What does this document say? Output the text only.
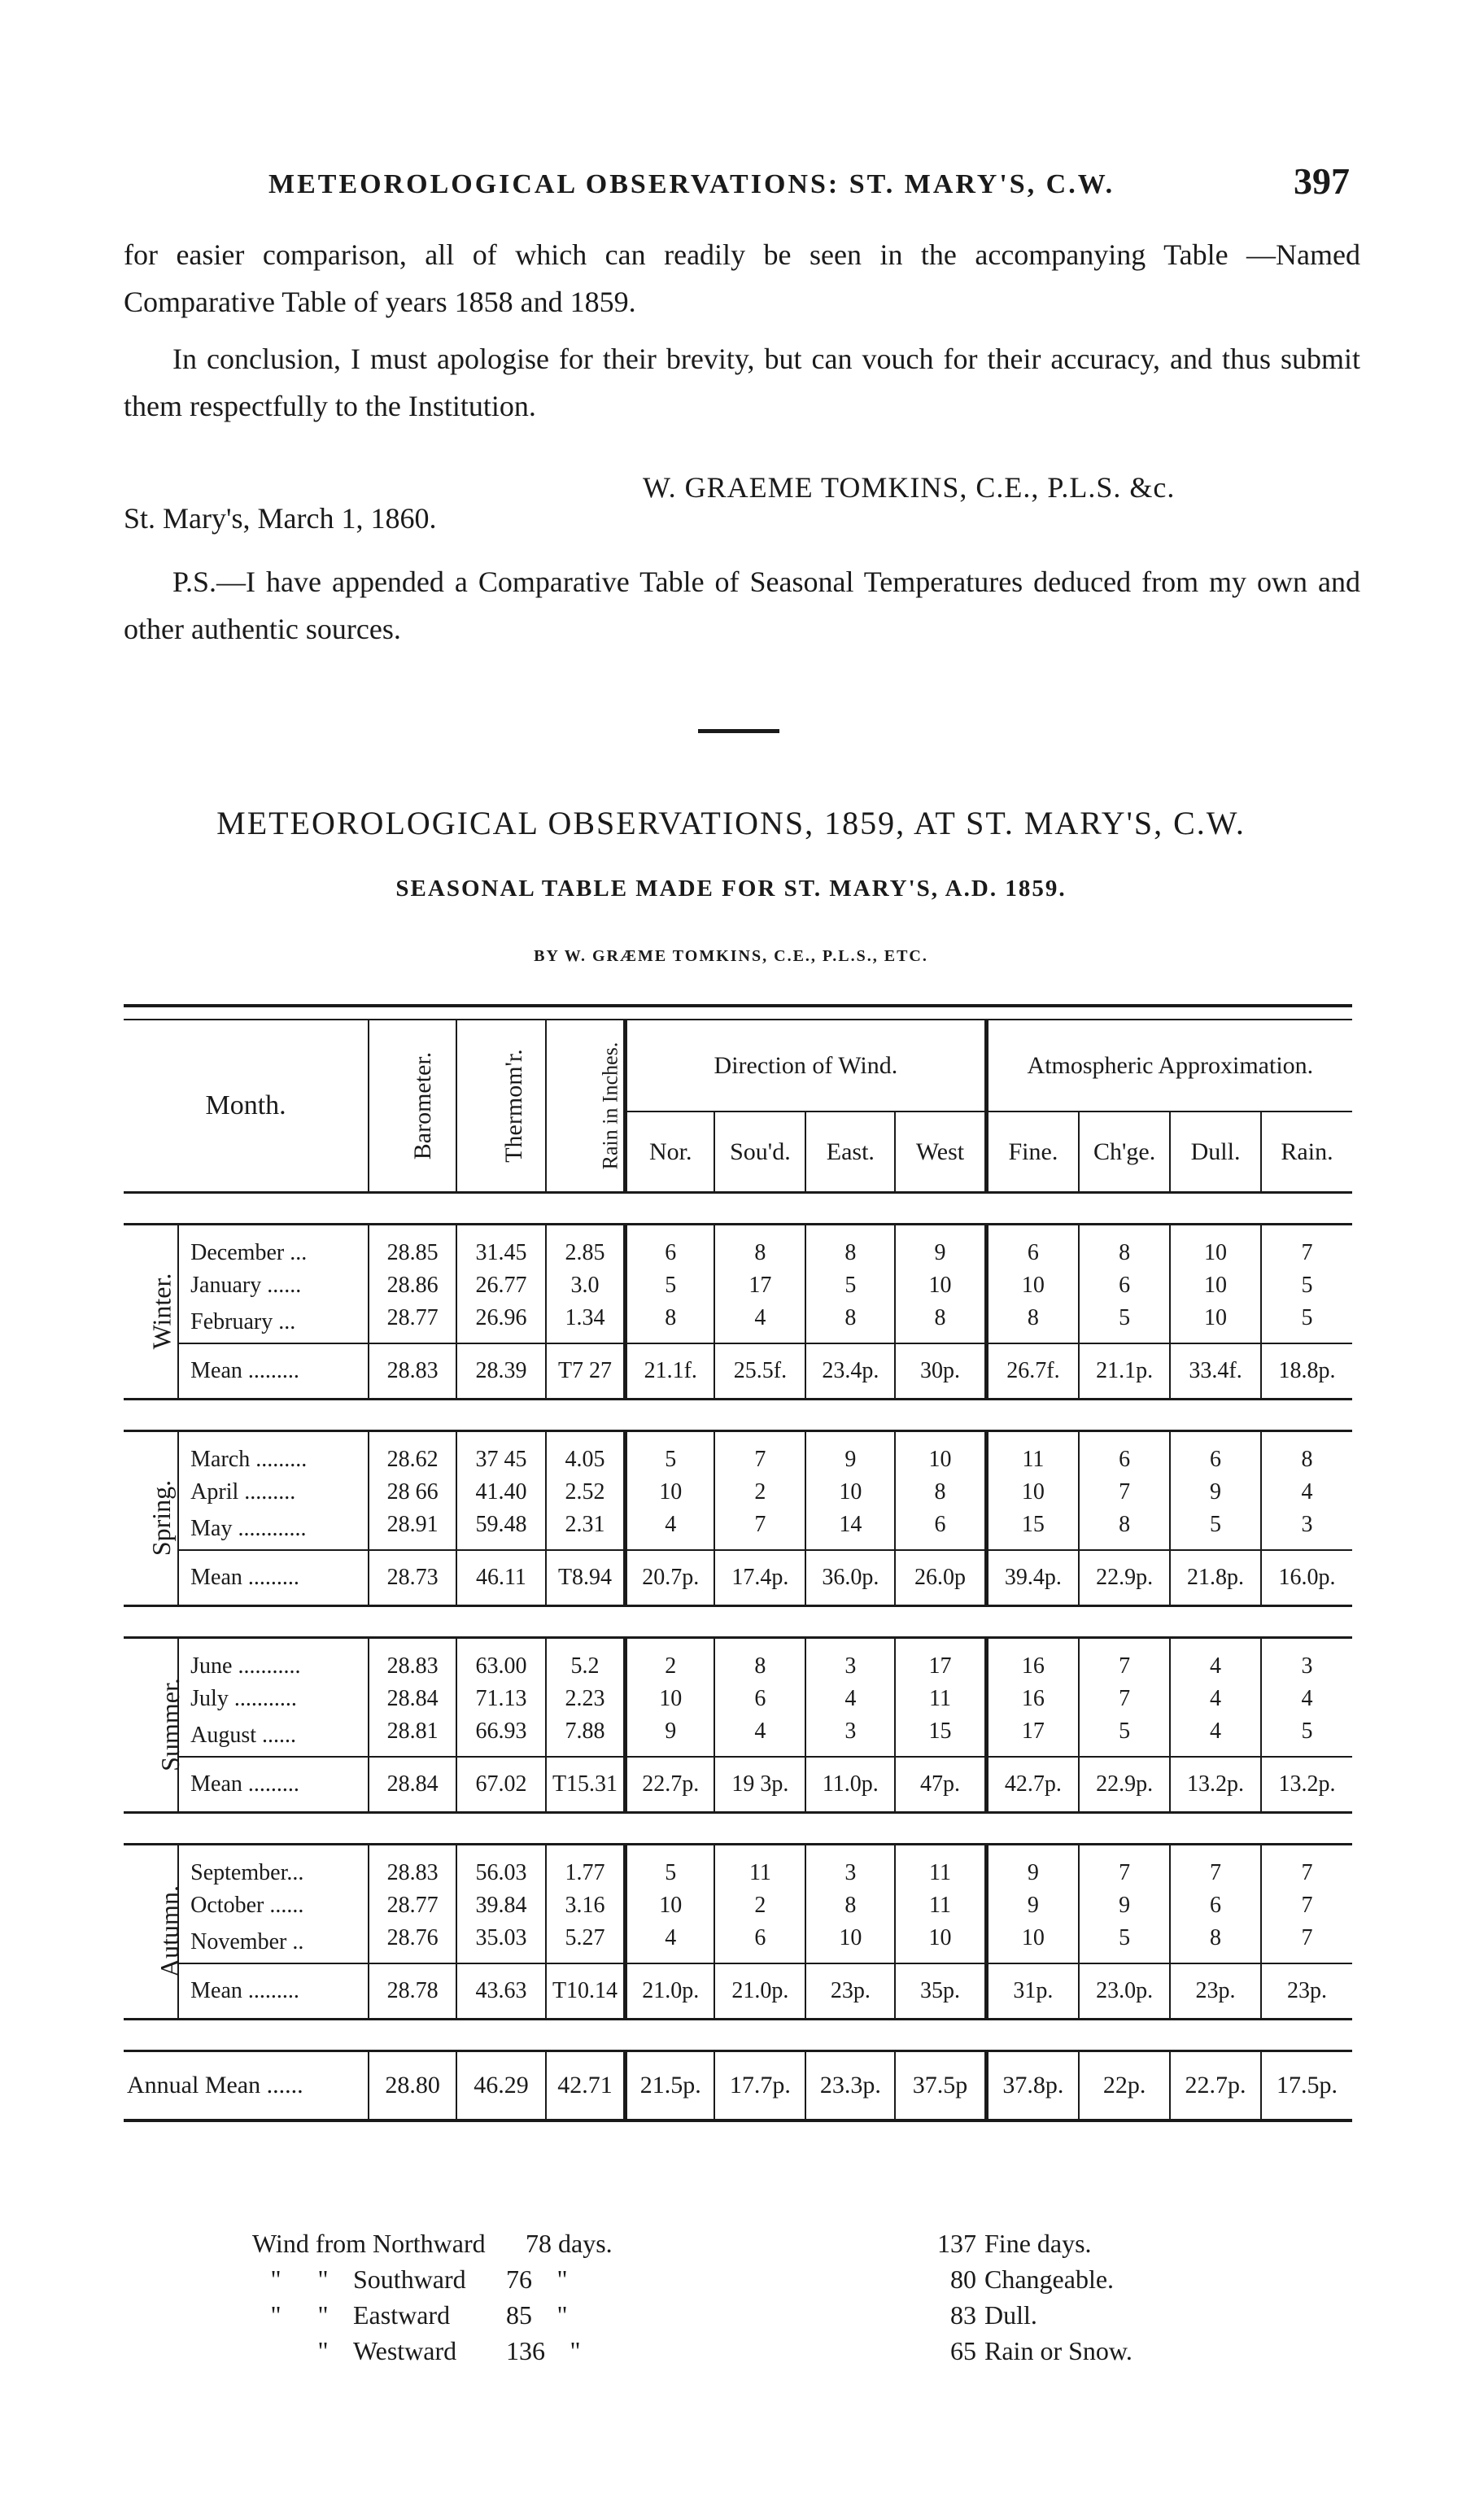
METEOROLOGICAL OBSERVATIONS: ST. MARY'S, C.W.	397
for easier comparison, all of which can readily be seen in the accompanying Table —Named Comparative Table of years 1858 and 1859.
In conclusion, I must apologise for their brevity, but can vouch for their accuracy, and thus submit them respectfully to the Institution.
W. GRAEME TOMKINS, C.E., P.L.S. &c.
St. Mary's, March 1, 1860.
P.S.—I have appended a Comparative Table of Seasonal Temperatures deduced from my own and other authentic sources.
METEOROLOGICAL OBSERVATIONS, 1859, AT ST. MARY'S, C.W.
SEASONAL TABLE MADE FOR ST. MARY'S, A.D. 1859.
BY W. GRÆME TOMKINS, C.E., P.L.S., ETC.

Month.		Barometer.	Thermom'r.	Rain in Inches.	Direction of Wind.				Atmospheric Approximation.			
					Nor.	Sou'd.	East.	West	Fine.	Ch'ge.	Dull.	Rain.

Winter.	December ...	28.85	31.45	2.85	6	8	8	9	6	8	10	7
	January ......	28.86	26.77	3.0	5	17	5	10	10	6	10	5
	February ...	28.77	26.96	1.34	8	4	8	8	8	5	10	5
	Mean .........	28.83	28.39	T7 27	21.1f.	25.5f.	23.4p.	30p.	26.7f.	21.1p.	33.4f.	18.8p.

Spring.	March .........	28.62	37 45	4.05	5	7	9	10	11	6	6	8
	April .........	28 66	41.40	2.52	10	2	10	8	10	7	9	4
	May ............	28.91	59.48	2.31	4	7	14	6	15	8	5	3
	Mean .........	28.73	46.11	T8.94	20.7p.	17.4p.	36.0p.	26.0p	39.4p.	22.9p.	21.8p.	16.0p.

Summer.	June ...........	28.83	63.00	5.2	2	8	3	17	16	7	4	3
	July ...........	28.84	71.13	2.23	10	6	4	11	16	7	4	4
	August ......	28.81	66.93	7.88	9	4	3	15	17	5	4	5
	Mean .........	28.84	67.02	T15.31	22.7p.	19 3p.	11.0p.	47p.	42.7p.	22.9p.	13.2p.	13.2p.

Autumn.	September...	28.83	56.03	1.77	5	11	3	11	9	7	7	7
	October ......	28.77	39.84	3.16	10	2	8	11	9	9	6	7
	November ..	28.76	35.03	5.27	4	6	10	10	10	5	8	7
	Mean .........	28.78	43.63	T10.14	21.0p.	21.0p.	23p.	35p.	31p.	23.0p.	23p.	23p.

Annual Mean ......		28.80	46.29	42.71	21.5p.	17.7p.	23.3p.	37.5p	37.8p.	22p.	22.7p.	17.5p.

Wind from Northward 78 days.
" " Southward 76 "
" " Eastward 85 "
" Westward 136 "
137 Fine days.
80 Changeable.
83 Dull.
65 Rain or Snow.
